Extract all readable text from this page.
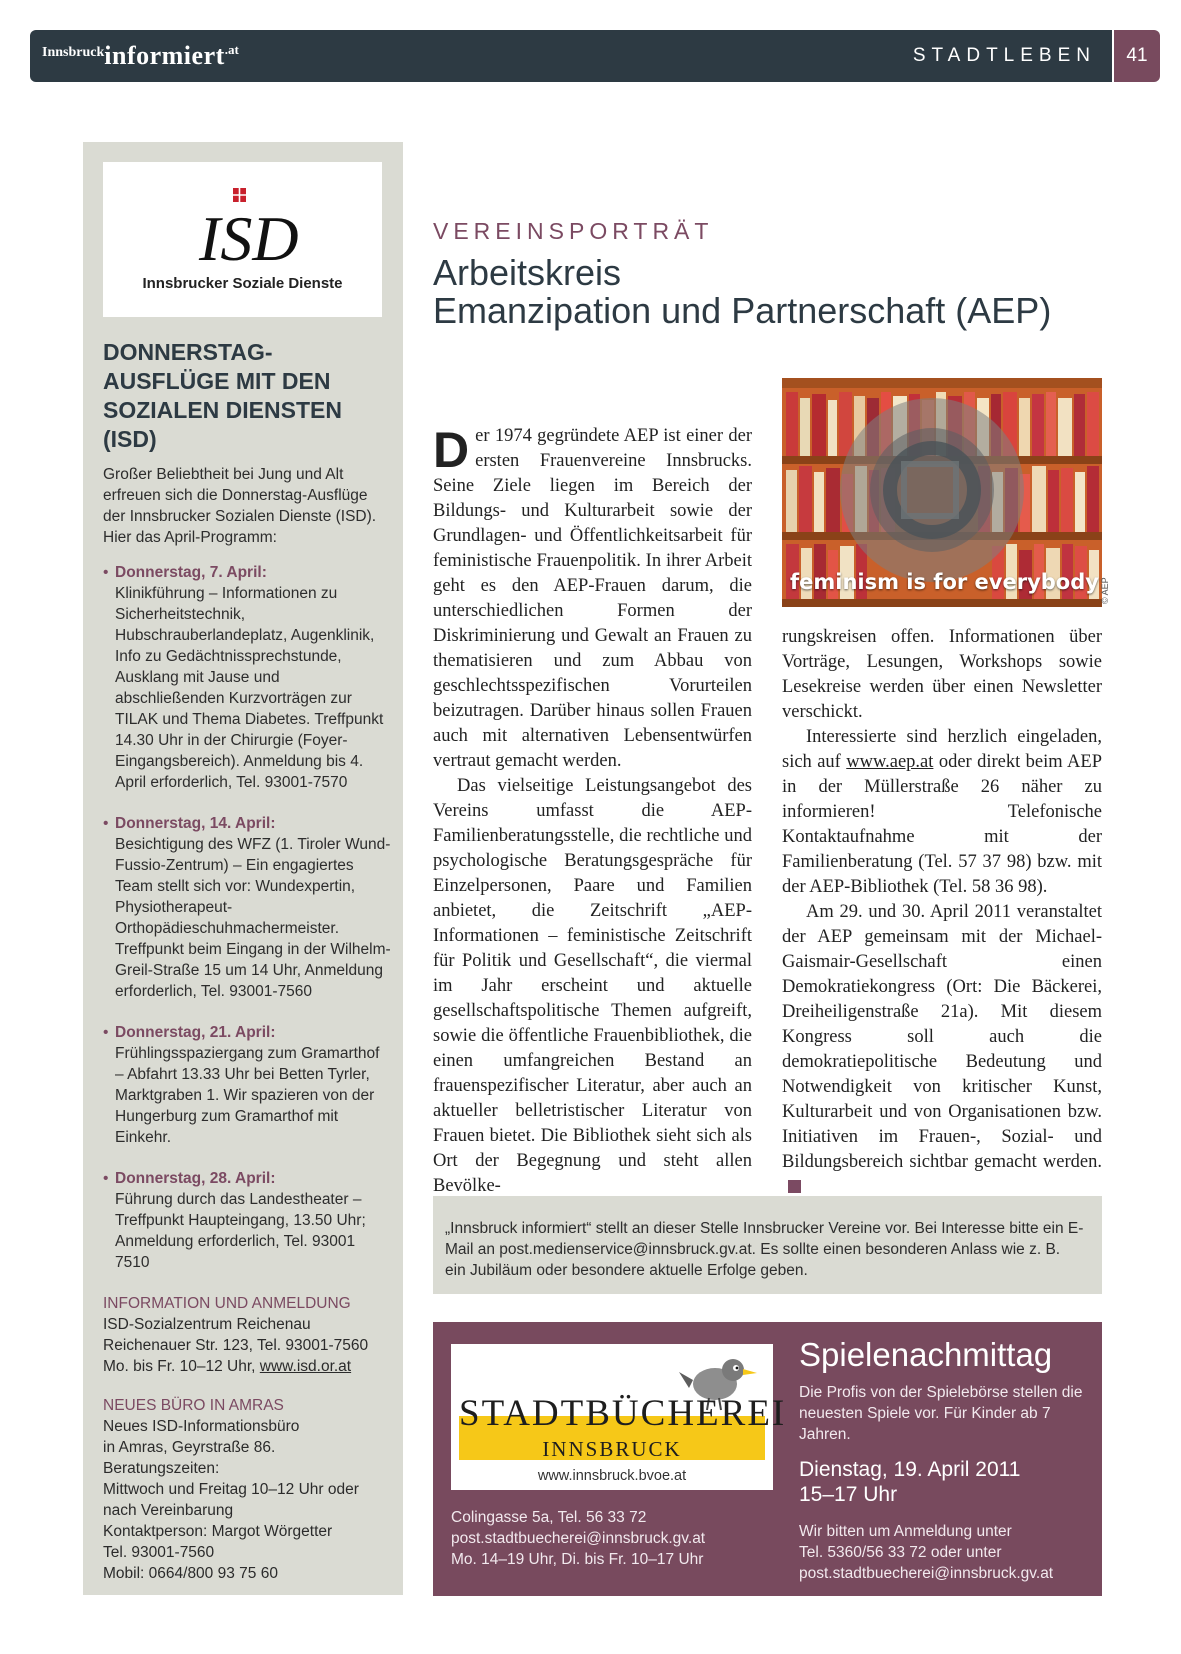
Innsbruckinformiert$^{.at}$	STADTLEBEN	41
ISD
Innsbrucker Soziale Dienste
DONNERSTAG-AUSFLÜGE MIT DEN SOZIALEN DIENSTEN (ISD)

Großer Beliebtheit bei Jung und Alt erfreuen sich die Donnerstag-Ausflüge der Innsbrucker Sozialen Dienste (ISD). Hier das April-Programm:

• Donnerstag, 7. April:
Klinikführung – Informationen zu Sicherheitstechnik, Hubschrauberlandeplatz, Augenklinik, Info zu Gedächtnissprechstunde, Ausklang mit Jause und abschließenden Kurzvorträgen zur TILAK und Thema Diabetes. Treffpunkt 14.30 Uhr in der Chirurgie (Foyer-Eingangsbereich). Anmeldung bis 4. April erforderlich, Tel. 93001-7570
• Donnerstag, 14. April:
Besichtigung des WFZ (1. Tiroler Wund-Fussio-Zentrum) – Ein engagiertes Team stellt sich vor: Wundexpertin, Physiotherapeut-Orthopädieschuhmachermeister. Treffpunkt beim Eingang in der Wilhelm-Greil-Straße 15 um 14 Uhr, Anmeldung erforderlich, Tel. 93001-7560
• Donnerstag, 21. April:
Frühlingsspaziergang zum Gramarthof – Abfahrt 13.33 Uhr bei Betten Tyrler, Marktgraben 1. Wir spazieren von der Hungerburg zum Gramarthof mit Einkehr.
• Donnerstag, 28. April:
Führung durch das Landestheater – Treffpunkt Haupteingang, 13.50 Uhr; Anmeldung erforderlich, Tel. 93001 7510

INFORMATION UND ANMELDUNG

ISD-Sozialzentrum Reichenau
Reichenauer Str. 123, Tel. 93001-7560
Mo. bis Fr. 10–12 Uhr, www.isd.or.at

NEUES BÜRO IN AMRAS

Neues ISD-Informationsbüro
in Amras, Geyrstraße 86.
Beratungszeiten:
Mittwoch und Freitag 10–12 Uhr oder nach Vereinbarung
Kontaktperson: Margot Wörgetter
Tel. 93001-7560
Mobil: 0664/800 93 75 60

VEREINSPORTRÄT
Arbeitskreis
Emanzipation und Partnerschaft (AEP)
feminism is for everybody © AEP

Der 1974 gegründete AEP ist einer der ersten Frauenvereine Innsbrucks. Seine Ziele liegen im Bereich der Bildungs- und Kulturarbeit sowie der Grundlagen- und Öffentlichkeitsarbeit für feministische Frauenpolitik. In ihrer Arbeit geht es den AEP-Frauen darum, die unterschiedlichen Formen der Diskriminierung und Gewalt an Frauen zu thematisieren und zum Abbau von geschlechtsspezifischen Vorurteilen beizutragen. Darüber hinaus sollen Frauen auch mit alternativen Lebensentwürfen vertraut gemacht werden.

Das vielseitige Leistungsangebot des Vereins umfasst die AEP-Familienberatungsstelle, die rechtliche und psychologische Beratungsgespräche für Einzelpersonen, Paare und Familien anbietet, die Zeitschrift „AEP-Informationen – feministische Zeitschrift für Politik und Gesellschaft“, die viermal im Jahr erscheint und aktuelle gesellschaftspolitische Themen aufgreift, sowie die öffentliche Frauenbibliothek, die einen umfangreichen Bestand an frauenspezifischer Literatur, aber auch an aktueller belletristischer Literatur von Frauen bietet. Die Bibliothek sieht sich als Ort der Begegnung und steht allen Bevölke-

rungskreisen offen. Informationen über Vorträge, Lesungen, Workshops sowie Lesekreise werden über einen Newsletter verschickt.

Interessierte sind herzlich eingeladen, sich auf www.aep.at oder direkt beim AEP in der Müllerstraße 26 näher zu informieren! Telefonische Kontaktaufnahme mit der Familienberatung (Tel. 57 37 98) bzw. mit der AEP-Bibliothek (Tel. 58 36 98).

Am 29. und 30. April 2011 veranstaltet der AEP gemeinsam mit der Michael-Gaismair-Gesellschaft einen Demokratiekongress (Ort: Die Bäckerei, Dreiheiligenstraße 21a). Mit diesem Kongress soll auch die demokratiepolitische Bedeutung und Notwendigkeit von kritischer Kunst, Kulturarbeit und von Organisationen bzw. Initiativen im Frauen-, Sozial- und Bildungsbereich sichtbar gemacht werden.

„Innsbruck informiert“ stellt an dieser Stelle Innsbrucker Vereine vor. Bei Interesse bitte ein E-Mail an post.medienservice@innsbruck.gv.at. Es sollte einen besonderen Anlass wie z. B. ein Jubiläum oder besondere aktuelle Erfolge geben.

STADTBÜCHEREI
INNSBRUCK
www.innsbruck.bvoe.at

Colingasse 5a, Tel. 56 33 72
post.stadtbuecherei@innsbruck.gv.at
Mo. 14–19 Uhr, Di. bis Fr. 10–17 Uhr

Spielenachmittag

Die Profis von der Spielebörse stellen die neuesten Spiele vor. Für Kinder ab 7 Jahren.

Dienstag, 19. April 2011
15–17 Uhr

Wir bitten um Anmeldung unter
Tel. 5360/56 33 72 oder unter
post.stadtbuecherei@innsbruck.gv.at
